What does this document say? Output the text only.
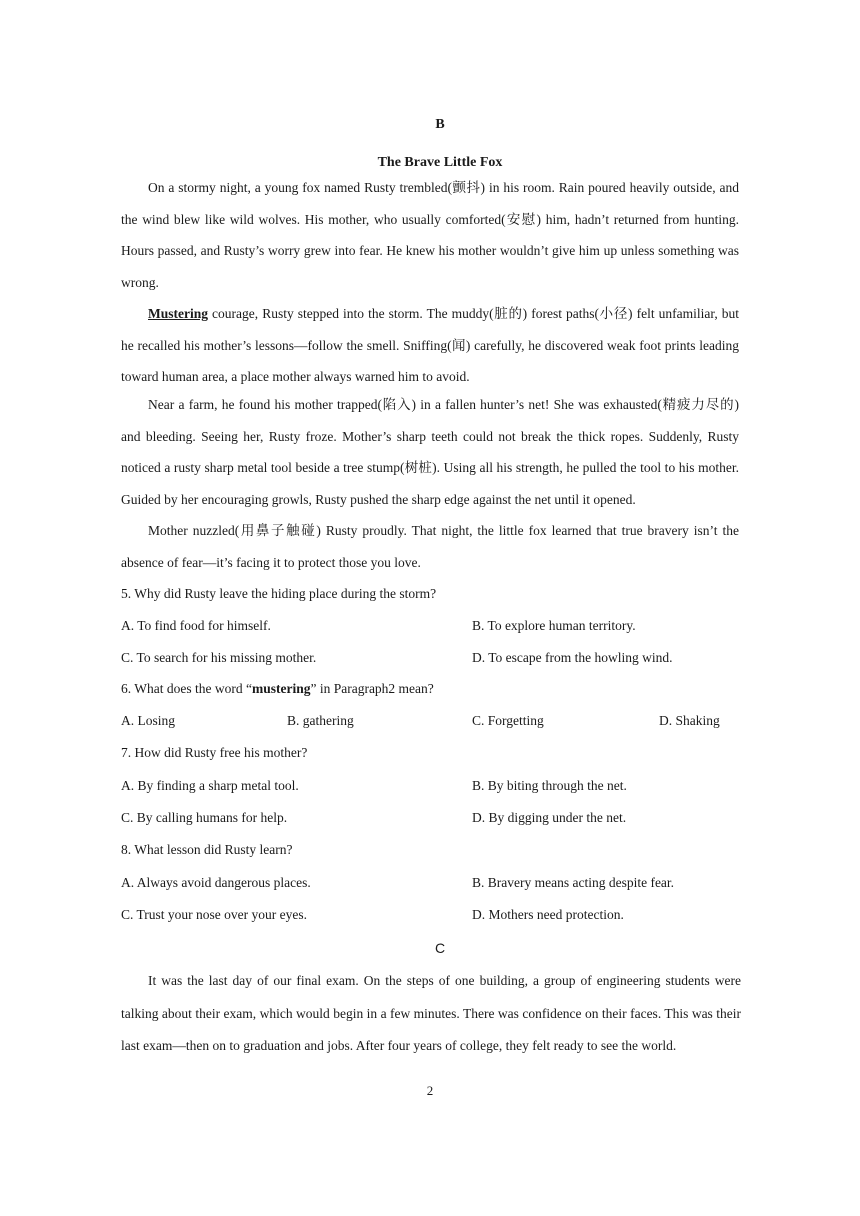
B
The Brave Little Fox

On a stormy night, a young fox named Rusty trembled(颤抖) in his room. Rain poured heavily outside, and the wind blew like wild wolves. His mother, who usually comforted(安慰) him, hadn’t returned from hunting. Hours passed, and Rusty’s worry grew into fear. He knew his mother wouldn’t give him up unless something was wrong.

Mustering courage, Rusty stepped into the storm. The muddy(脏的) forest paths(小径) felt unfamiliar, but he recalled his mother’s lessons—follow the smell. Sniffing(闻) carefully, he discovered weak foot prints leading toward human area, a place mother always warned him to avoid.

Near a farm, he found his mother trapped(陷入) in a fallen hunter’s net! She was exhausted(精疲力尽的) and bleeding. Seeing her, Rusty froze. Mother’s sharp teeth could not break the thick ropes. Suddenly, Rusty noticed a rusty sharp metal tool beside a tree stump(树桩). Using all his strength, he pulled the tool to his mother. Guided by her encouraging growls, Rusty pushed the sharp edge against the net until it opened.

Mother nuzzled(用鼻子触碰) Rusty proudly. That night, the little fox learned that true bravery isn’t the absence of fear—it’s facing it to protect those you love.

5. Why did Rusty leave the hiding place during the storm?
A. To find food for himself.	B. To explore human territory.
C. To search for his missing mother.	D. To escape from the howling wind.
6. What does the word “mustering” in Paragraph2 mean?
A. Losing	B. gathering	C. Forgetting	D. Shaking
7. How did Rusty free his mother?
A. By finding a sharp metal tool.	B. By biting through the net.
C. By calling humans for help.	D. By digging under the net.
8. What lesson did Rusty learn?
A. Always avoid dangerous places.	B. Bravery means acting despite fear.
C. Trust your nose over your eyes.	D. Mothers need protection.
C

It was the last day of our final exam. On the steps of one building, a group of engineering students were talking about their exam, which would begin in a few minutes. There was confidence on their faces. This was their last exam—then on to graduation and jobs. After four years of college, they felt ready to see the world.

2
